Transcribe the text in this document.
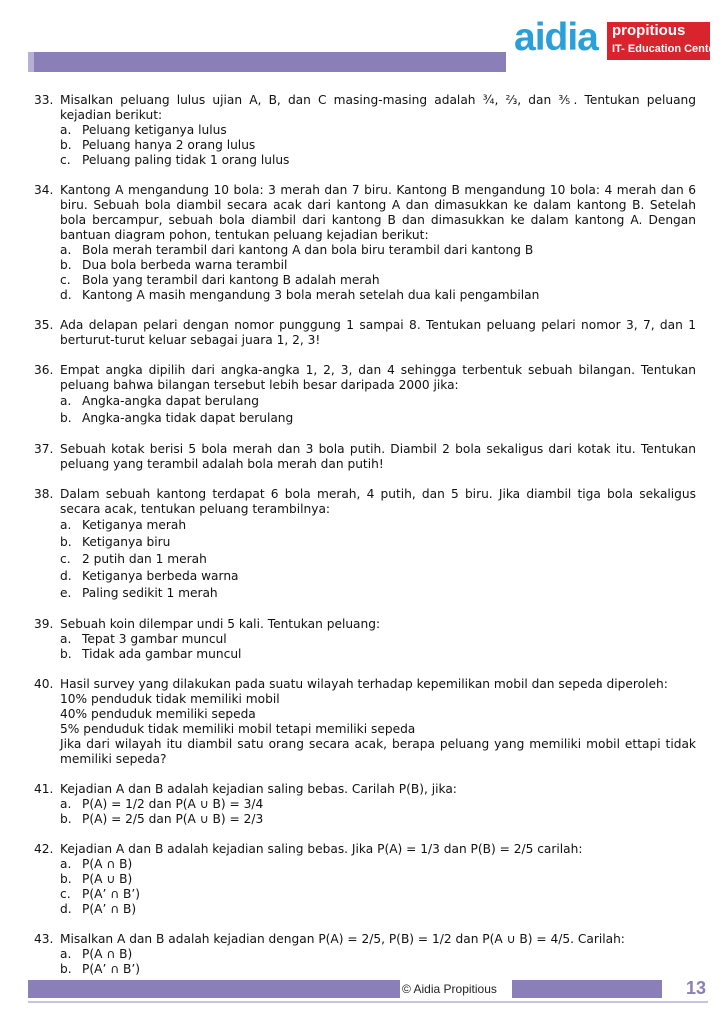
aidia propitious
IT- Education Center
33. Misalkan peluang lulus ujian A, B, dan C masing-masing adalah ¾, ⅔, dan ⅗. Tentukan peluang kejadian berikut:
a. Peluang ketiganya lulus
b. Peluang hanya 2 orang lulus
c. Peluang paling tidak 1 orang lulus
34. Kantong A mengandung 10 bola: 3 merah dan 7 biru. Kantong B mengandung 10 bola: 4 merah dan 6 biru. Sebuah bola diambil secara acak dari kantong A dan dimasukkan ke dalam kantong B. Setelah bola bercampur, sebuah bola diambil dari kantong B dan dimasukkan ke dalam kantong A. Dengan bantuan diagram pohon, tentukan peluang kejadian berikut:
a. Bola merah terambil dari kantong A dan bola biru terambil dari kantong B
b. Dua bola berbeda warna terambil
c. Bola yang terambil dari kantong B adalah merah
d. Kantong A masih mengandung 3 bola merah setelah dua kali pengambilan
35. Ada delapan pelari dengan nomor punggung 1 sampai 8. Tentukan peluang pelari nomor 3, 7, dan 1 berturut-turut keluar sebagai juara 1, 2, 3!
36. Empat angka dipilih dari angka-angka 1, 2, 3, dan 4 sehingga terbentuk sebuah bilangan. Tentukan peluang bahwa bilangan tersebut lebih besar daripada 2000 jika:
a. Angka-angka dapat berulang
b. Angka-angka tidak dapat berulang
37. Sebuah kotak berisi 5 bola merah dan 3 bola putih. Diambil 2 bola sekaligus dari kotak itu. Tentukan peluang yang terambil adalah bola merah dan putih!
38. Dalam sebuah kantong terdapat 6 bola merah, 4 putih, dan 5 biru. Jika diambil tiga bola sekaligus secara acak, tentukan peluang terambilnya:
a. Ketiganya merah
b. Ketiganya biru
c. 2 putih dan 1 merah
d. Ketiganya berbeda warna
e. Paling sedikit 1 merah
39. Sebuah koin dilempar undi 5 kali. Tentukan peluang:
a. Tepat 3 gambar muncul
b. Tidak ada gambar muncul
40. Hasil survey yang dilakukan pada suatu wilayah terhadap kepemilikan mobil dan sepeda diperoleh:
10% penduduk tidak memiliki mobil
40% penduduk memiliki sepeda
5% penduduk tidak memiliki mobil tetapi memiliki sepeda
Jika dari wilayah itu diambil satu orang secara acak, berapa peluang yang memiliki mobil ettapi tidak memiliki sepeda?
41. Kejadian A dan B adalah kejadian saling bebas. Carilah P(B), jika:
a. P(A) = 1/2 dan P(A ∪ B) = 3/4
b. P(A) = 2/5 dan P(A ∪ B) = 2/3
42. Kejadian A dan B adalah kejadian saling bebas. Jika P(A) = 1/3 dan P(B) = 2/5 carilah:
a. P(A ∩ B)
b. P(A ∪ B)
c. P(A’ ∩ B’)
d. P(A’ ∩ B)
43. Misalkan A dan B adalah kejadian dengan P(A) = 2/5, P(B) = 1/2 dan P(A ∪ B) = 4/5. Carilah:
a. P(A ∩ B)
b. P(A’ ∩ B’)
© Aidia Propitious	13
